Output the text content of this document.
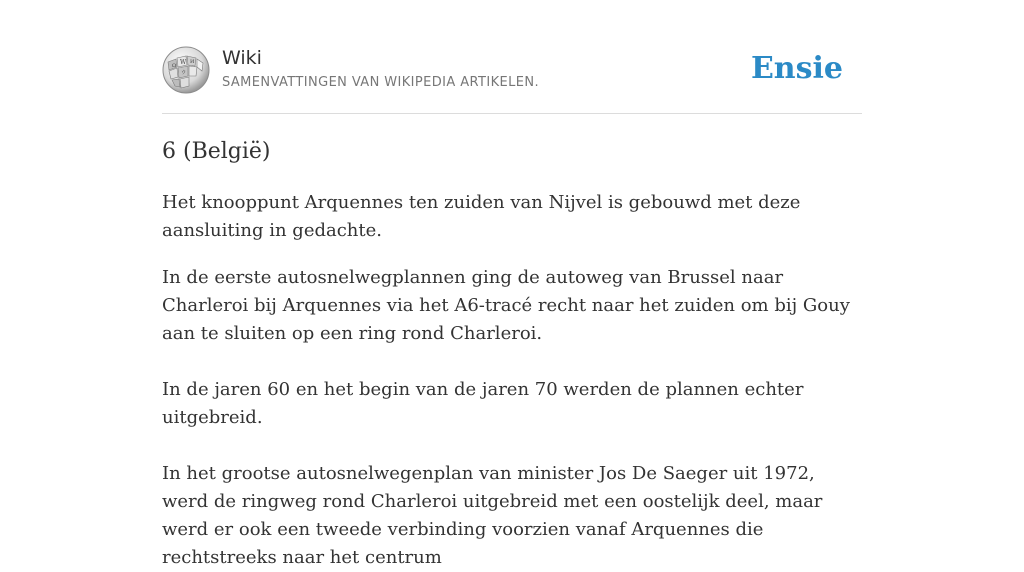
W И
Ω
ウ
Wiki
SAMENVATTINGEN VAN WIKIPEDIA ARTIKELEN.	Ensie
6 (België)

Het knooppunt Arquennes ten zuiden van Nijvel is gebouwd met deze aansluiting in gedachte.

In de eerste autosnelwegplannen ging de autoweg van Brussel naar Charleroi bij Arquennes via het A6-tracé recht naar het zuiden om bij Gouy aan te sluiten op een ring rond Charleroi.

In de jaren 60 en het begin van de jaren 70 werden de plannen echter uitgebreid.

In het grootse autosnelwegenplan van minister Jos De Saeger uit 1972, werd de ringweg rond Charleroi uitgebreid met een oostelijk deel, maar werd er ook een tweede verbinding voorzien vanaf Arquennes die rechtstreeks naar het centrum
